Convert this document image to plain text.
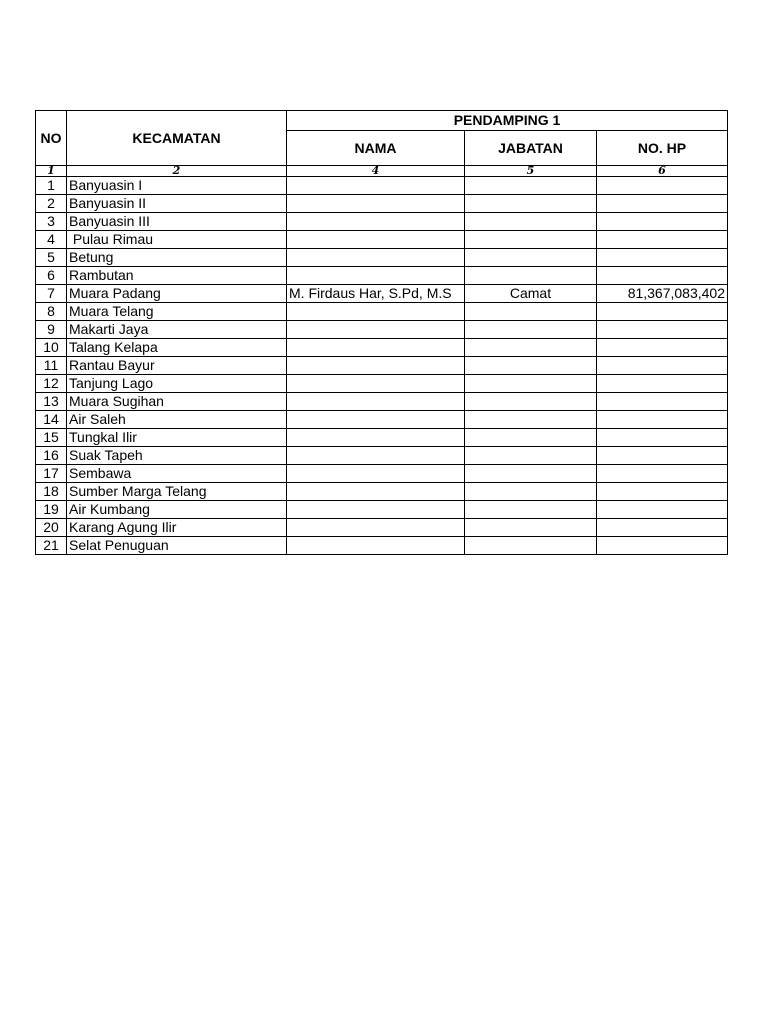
NO	KECAMATAN	PENDAMPING 1		
		NAMA	JABATAN	NO. HP
1	2	4	5	6
1	Banyuasin I			
2	Banyuasin II			
3	Banyuasin III			
4	Pulau Rimau			
5	Betung			
6	Rambutan			
7	Muara Padang	M. Firdaus Har, S.Pd, M.S	Camat	81,367,083,402
8	Muara Telang			
9	Makarti Jaya			
10	Talang Kelapa			
11	Rantau Bayur			
12	Tanjung Lago			
13	Muara Sugihan			
14	Air Saleh			
15	Tungkal Ilir			
16	Suak Tapeh			
17	Sembawa			
18	Sumber Marga Telang			
19	Air Kumbang			
20	Karang Agung Ilir			
21	Selat Penuguan			
